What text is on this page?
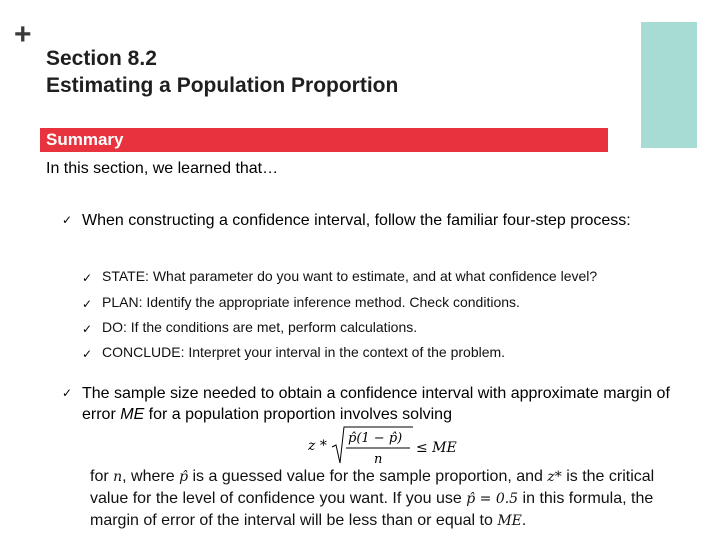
+
Section 8.2
Estimating a Population Proportion
Summary
In this section, we learned that…
✓ When constructing a confidence interval, follow the familiar four-step process:
✓ STATE: What parameter do you want to estimate, and at what confidence level?
✓ PLAN: Identify the appropriate inference method. Check conditions.
✓ DO: If the conditions are met, perform calculations.
✓ CONCLUDE: Interpret your interval in the context of the problem.
✓ The sample size needed to obtain a confidence interval with approximate margin of error ME for a population proportion involves solving
z * p̂(1 − p̂)
n
≤ ME
for n, where p̂ is a guessed value for the sample proportion, and z* is the critical value for the level of confidence you want. If you use p̂ = 0.5 in this formula, the margin of error of the interval will be less than or equal to ME.
